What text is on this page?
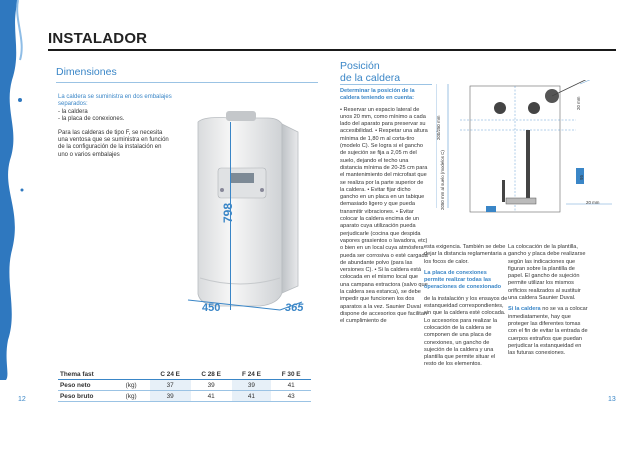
INSTALADOR
Dimensiones

La caldera se suministra en dos embalajes separados:
- la caldera
- la placa de conexiones.

Para las calderas de tipo F, se necesita una ventosa que se suministra en función de la configuración de la instalación en uno o varios embalajes

798
450	365
Thema fast		C 24 E	C 28 E	F 24 E	F 30 E
Peso neto	(kg)	37	39	39	41
Peso bruto	(kg)	39	41	41	43
Posición
de la caldera

Determinar la posición de la caldera teniendo en cuenta:

• Reservar un espacio lateral de unos 20 mm, como mínimo a cada lado del aparato para preservar su accesibilidad. • Respetar una altura mínima de 1,80 m al corta-tiro (modelo C). Se logra si el gancho de sujeción se fija a 2,05 m del suelo, dejando el techo una distancia mínima de 20-25 cm para el mantenimiento del microfast que se realiza por la parte superior de la caldera. • Evitar fijar dicho gancho en un placa en un tabique demasiado ligero y que pueda transmitir vibraciones. • Evitar colocar la caldera encima de un aparato cuya utilización pueda perjudicarle (cocina que despida vapores grasientos o lavadora, etc) o bien en un local cuya atmósfera pueda ser corrosiva o esté cargada de abundante polvo (para las versiones C). • Si la caldera está colocada en el mismo local que una campana extractora (salvo que la caldera sea estanca), se debe impedir que funcionen los dos aparatos a la vez. Saunier Duval dispone de accesorios que facilitan el cumplimiento de

esta exigencia. También se debe dejar la distancia reglamentaria a los focos de calor.

La placa de conexiones permite realizar todas las operaciones de conexionado

de la instalación y los ensayos de estanqueidad correspondientes, sin que la caldera esté colocada. Lo accesorios para realizar la colocación de la caldera se componen de una placa de conexiones, un gancho de sujeción de la caldera y una plantilla que permite situar el resto de los elementos.

La colocación de la plantilla, gancho y placa debe realizarse según las indicaciones que figuran sobre la plantilla de papel. El gancho de sujeción permite utilizar los mismos orificios realizados al sustituir una caldera Saunier Duval.

Si la caldera no se va a colocar inmediatamente, hay que proteger las diferentes tomas con el fin de evitar la entrada de cuerpos extraños que puedan perjudicar la estanqueidad en las futuras conexiones.

200/250 mm
2050 mm al suelo (modelos C)
20 mm
95
20 mm
12	13
